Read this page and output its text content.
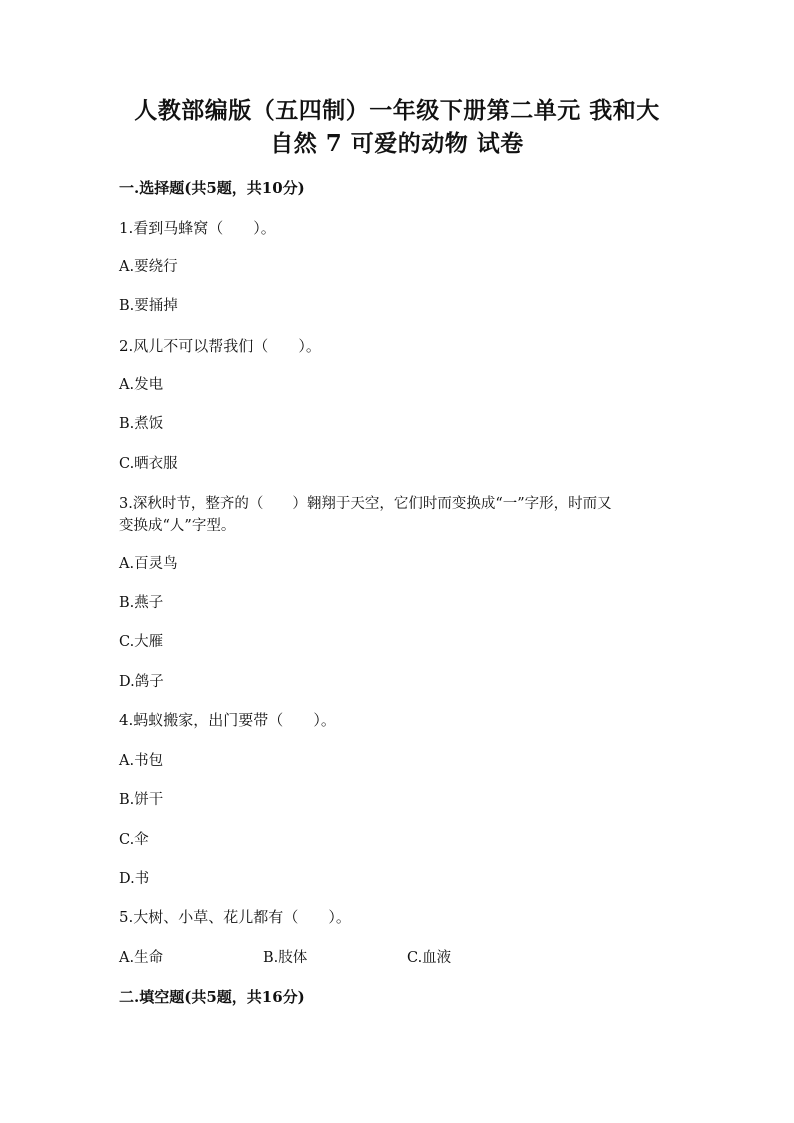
人教部编版（五四制）一年级下册第二单元 我和大
自然 7 可爱的动物 试卷
一.选择题(共5题，共10分)
1.看到马蜂窝（　　）。
A.要绕行
B.要捅掉
2.风儿不可以帮我们（　　）。
A.发电
B.煮饭
C.晒衣服
3.深秋时节，整齐的（　　）翱翔于天空，它们时而变换成“一”字形，时而又
变换成“人”字型。
A.百灵鸟
B.燕子
C.大雁
D.鸽子
4.蚂蚁搬家，出门要带（　　）。
A.书包
B.饼干
C.伞
D.书
5.大树、小草、花儿都有（　　）。
A.生命	B.肢体	C.血液
二.填空题(共5题，共16分)
